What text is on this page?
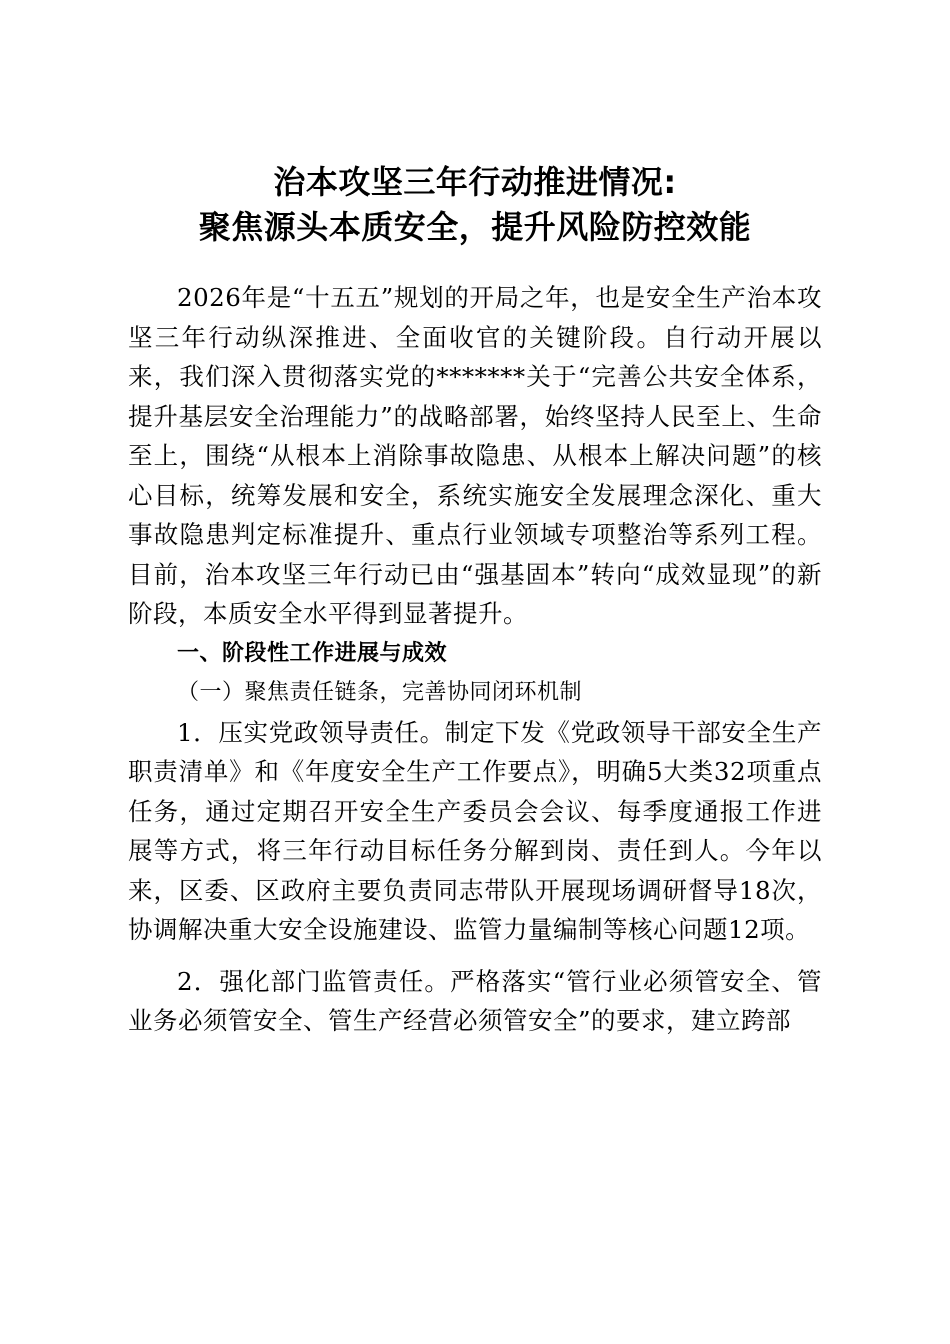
治本攻坚三年行动推进情况:
聚焦源头本质安全，提升风险防控效能

2026年是“十五五”规划的开局之年，也是安全生产治本攻坚三年行动纵深推进、全面收官的关键阶段。自行动开展以来，我们深入贯彻落实党的*******关于“完善公共安全体系，提升基层安全治理能力”的战略部署，始终坚持人民至上、生命至上，围绕“从根本上消除事故隐患、从根本上解决问题”的核心目标，统筹发展和安全，系统实施安全发展理念深化、重大事故隐患判定标准提升、重点行业领域专项整治等系列工程。目前，治本攻坚三年行动已由“强基固本”转向“成效显现”的新阶段，本质安全水平得到显著提升。

一、阶段性工作进展与成效

（一）聚焦责任链条，完善协同闭环机制

1．压实党政领导责任。制定下发《党政领导干部安全生产职责清单》和《年度安全生产工作要点》，明确5大类32项重点任务，通过定期召开安全生产委员会会议、每季度通报工作进展等方式，将三年行动目标任务分解到岗、责任到人。今年以来，区委、区政府主要负责同志带队开展现场调研督导18次，协调解决重大安全设施建设、监管力量编制等核心问题12项。

2．强化部门监管责任。严格落实“管行业必须管安全、管业务必须管安全、管生产经营必须管安全”的要求，建立跨部
